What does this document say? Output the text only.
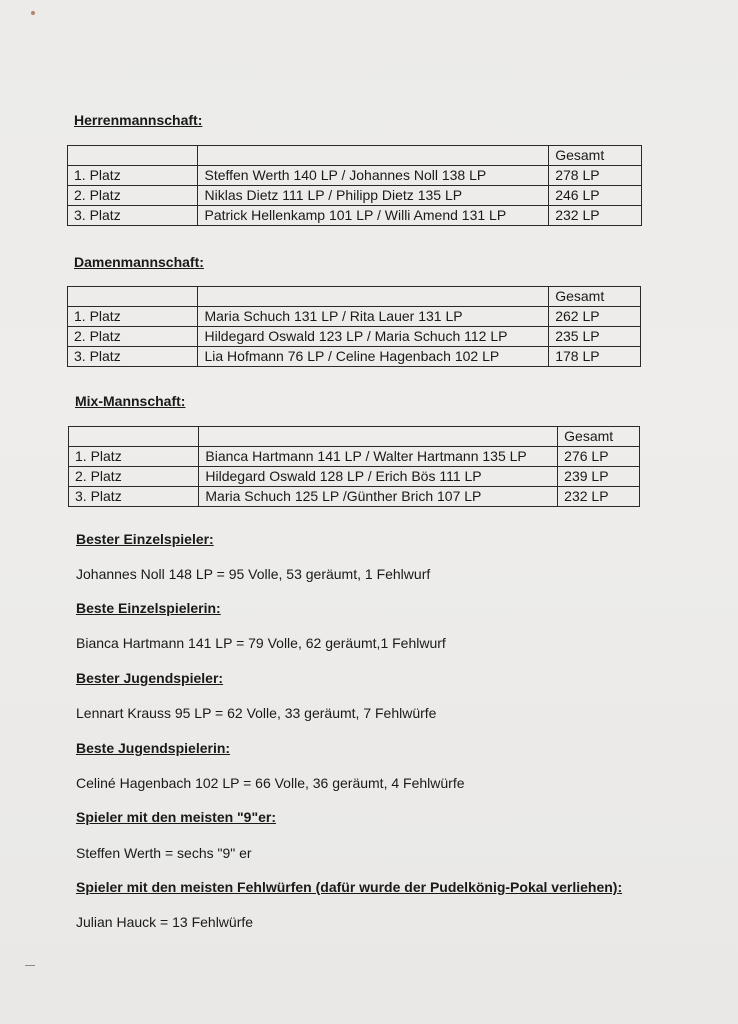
Herrenmannschaft:
		Gesamt
1. Platz	Steffen Werth 140 LP / Johannes Noll 138 LP	278 LP
2. Platz	Niklas Dietz 111 LP / Philipp Dietz 135 LP	246 LP
3. Platz	Patrick Hellenkamp 101 LP / Willi Amend 131 LP	232 LP
Damenmannschaft:
		Gesamt
1. Platz	Maria Schuch 131 LP / Rita Lauer 131 LP	262 LP
2. Platz	Hildegard Oswald 123 LP / Maria Schuch 112 LP	235 LP
3. Platz	Lia Hofmann 76 LP / Celine Hagenbach 102 LP	178 LP
Mix-Mannschaft:
		Gesamt
1. Platz	Bianca Hartmann 141 LP / Walter Hartmann 135 LP	276 LP
2. Platz	Hildegard Oswald 128 LP / Erich Bös 111 LP	239 LP
3. Platz	Maria Schuch 125 LP /Günther Brich 107 LP	232 LP
Bester Einzelspieler:
Johannes Noll 148 LP = 95 Volle, 53 geräumt, 1 Fehlwurf
Beste Einzelspielerin:
Bianca Hartmann 141 LP = 79 Volle, 62 geräumt,1 Fehlwurf
Bester Jugendspieler:
Lennart Krauss 95 LP = 62 Volle, 33 geräumt, 7 Fehlwürfe
Beste Jugendspielerin:
Celiné Hagenbach 102 LP = 66 Volle, 36 geräumt, 4 Fehlwürfe
Spieler mit den meisten "9"er:
Steffen Werth = sechs "9" er
Spieler mit den meisten Fehlwürfen (dafür wurde der Pudelkönig-Pokal verliehen):
Julian Hauck = 13 Fehlwürfe
